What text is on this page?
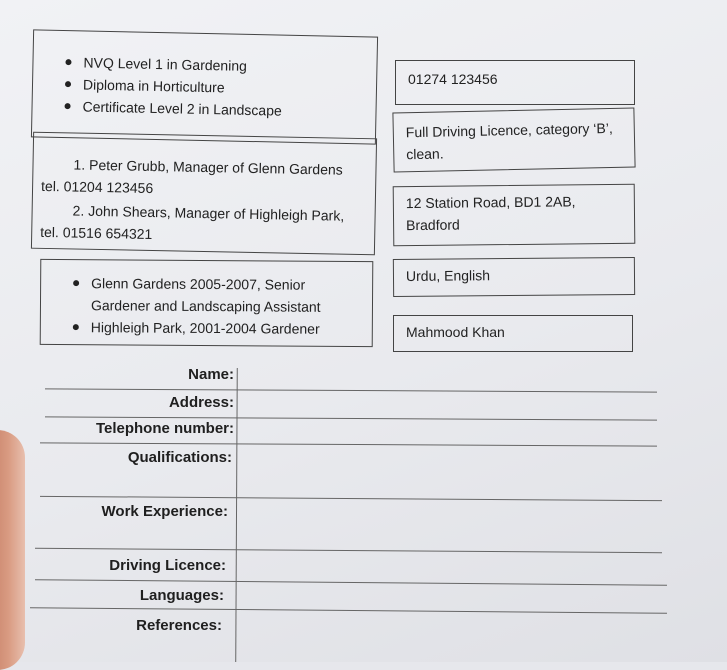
NVQ Level 1 in Gardening
Diploma in Horticulture
Certificate Level 2 in Landscape
01274 123456
Full Driving Licence, category ‘B’,
clean.
1. Peter Grubb, Manager of Glenn Gardens
tel. 01204 123456
2. John Shears, Manager of Highleigh Park,
tel. 01516 654321
12 Station Road, BD1 2AB,
Bradford
Urdu, English
Glenn Gardens 2005-2007, Senior
Gardener and Landscaping Assistant
Highleigh Park, 2001-2004 Gardener	Mahmood Khan
Name:
Address:
Telephone number:
Qualifications:
Work Experience:
Driving Licence:
Languages:
References:
